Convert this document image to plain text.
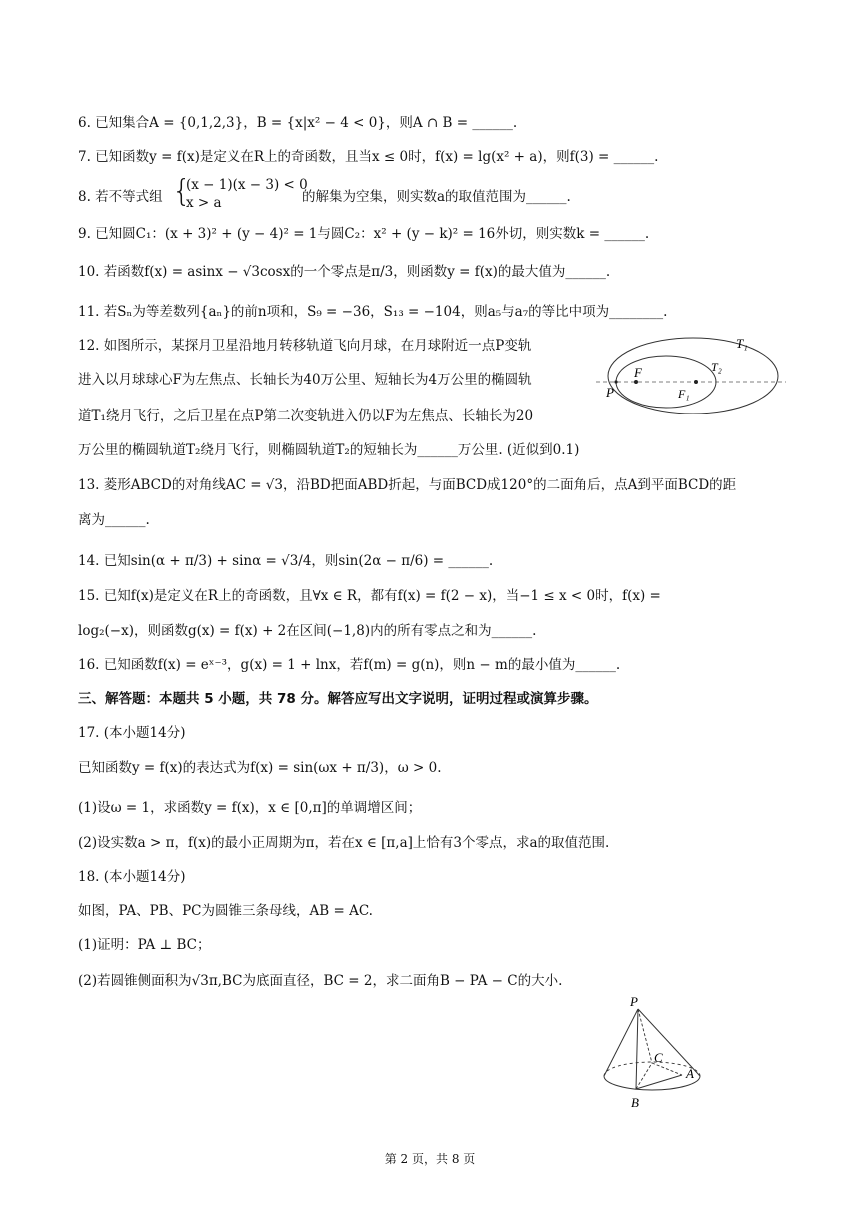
6. 已知集合A = {0,1,2,3}，B = {x|x² − 4 < 0}，则A ∩ B = ______.
7. 已知函数y = f(x)是定义在R上的奇函数，且当x ≤ 0时，f(x) = lg(x² + a)，则f(3) = ______.
8. 若不等式组 {
(x − 1)(x − 3) < 0
x > a	的解集为空集，则实数a的取值范围为______.
9. 已知圆C₁：(x + 3)² + (y − 4)² = 1与圆C₂：x² + (y − k)² = 16外切，则实数k = ______.
10. 若函数f(x) = asinx − √3cosx的一个零点是π/3，则函数y = f(x)的最大值为______.
11. 若Sₙ为等差数列{aₙ}的前n项和，S₉ = −36，S₁₃ = −104，则a₅与a₇的等比中项为________.
12. 如图所示，某探月卫星沿地月转移轨道飞向月球，在月球附近一点P变轨
进入以月球球心F为左焦点、长轴长为40万公里、短轴长为4万公里的椭圆轨
道T₁绕月飞行，之后卫星在点P第二次变轨进入仍以F为左焦点、长轴长为20
万公里的椭圆轨道T₂绕月飞行，则椭圆轨道T₂的短轴长为______万公里. (近似到0.1)
T₁
T₂
F
F₁
P
13. 菱形ABCD的对角线AC = √3，沿BD把面ABD折起，与面BCD成120°的二面角后，点A到平面BCD的距
离为______.
14. 已知sin(α + π/3) + sinα = √3/4，则sin(2α − π/6) = ______.
15. 已知f(x)是定义在R上的奇函数，且∀x ∈ R，都有f(x) = f(2 − x)，当−1 ≤ x < 0时，f(x) =
log₂(−x)，则函数g(x) = f(x) + 2在区间(−1,8)内的所有零点之和为______.
16. 已知函数f(x) = eˣ⁻³，g(x) = 1 + lnx，若f(m) = g(n)，则n − m的最小值为______.
三、解答题：本题共 5 小题，共 78 分。解答应写出文字说明，证明过程或演算步骤。
17. (本小题14分)
已知函数y = f(x)的表达式为f(x) = sin(ωx + π/3)，ω > 0.
(1)设ω = 1，求函数y = f(x)，x ∈ [0,π]的单调增区间；
(2)设实数a > π，f(x)的最小正周期为π，若在x ∈ [π,a]上恰有3个零点，求a的取值范围.
18. (本小题14分)
如图，PA、PB、PC为圆锥三条母线，AB = AC.
(1)证明：PA ⊥ BC；
(2)若圆锥侧面积为√3π,BC为底面直径，BC = 2，求二面角B − PA − C的大小.
P
C
A
B
第 2 页，共 8 页
